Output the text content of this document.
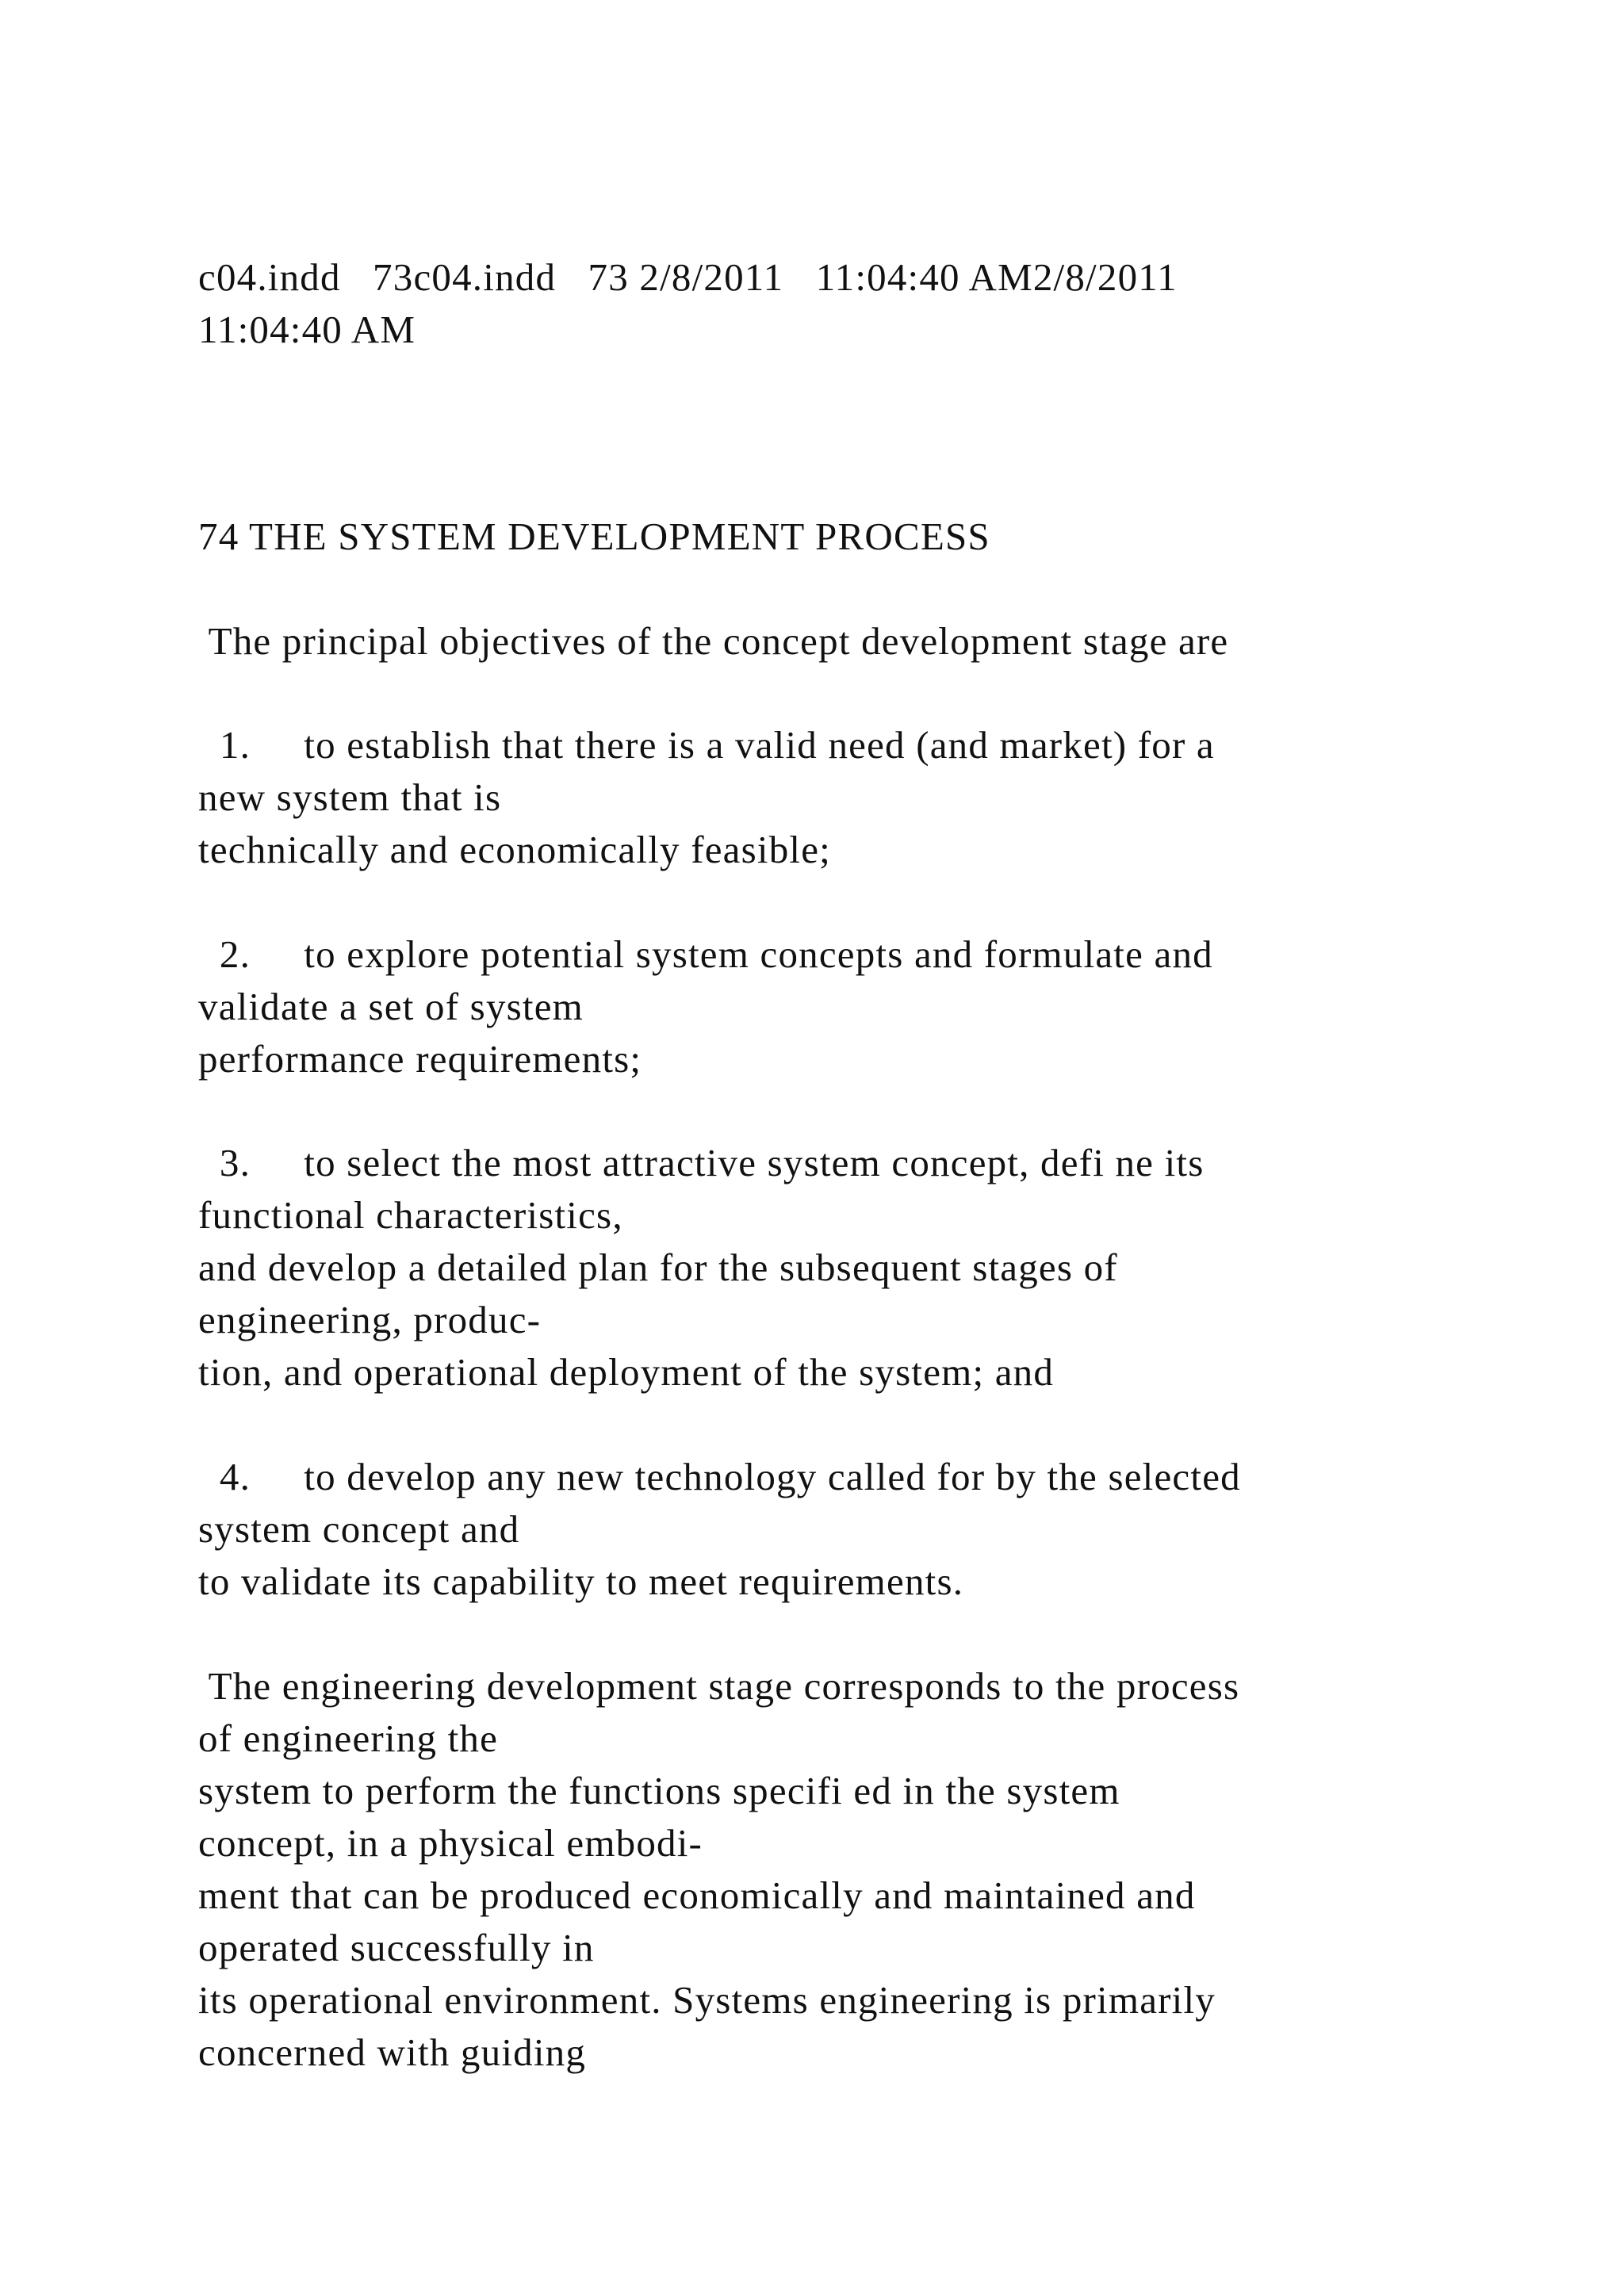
c04.indd   73c04.indd   73 2/8/2011   11:04:40 AM2/8/2011

11:04:40 AM

74 THE SYSTEM DEVELOPMENT PROCESS

The principal objectives of the concept development stage are

1.     to establish that there is a valid need (and market) for a

new system that is

technically and economically feasible;

2.     to explore potential system concepts and formulate and

validate a set of system

performance requirements;

3.     to select the most attractive system concept, defi ne its

functional characteristics,

and develop a detailed plan for the subsequent stages of

engineering, produc-

tion, and operational deployment of the system; and

4.     to develop any new technology called for by the selected

system concept and

to validate its capability to meet requirements.

The engineering development stage corresponds to the process

of engineering the

system to perform the functions specifi ed in the system

concept, in a physical embodi-

ment that can be produced economically and maintained and

operated successfully in

its operational environment. Systems engineering is primarily

concerned with guiding
